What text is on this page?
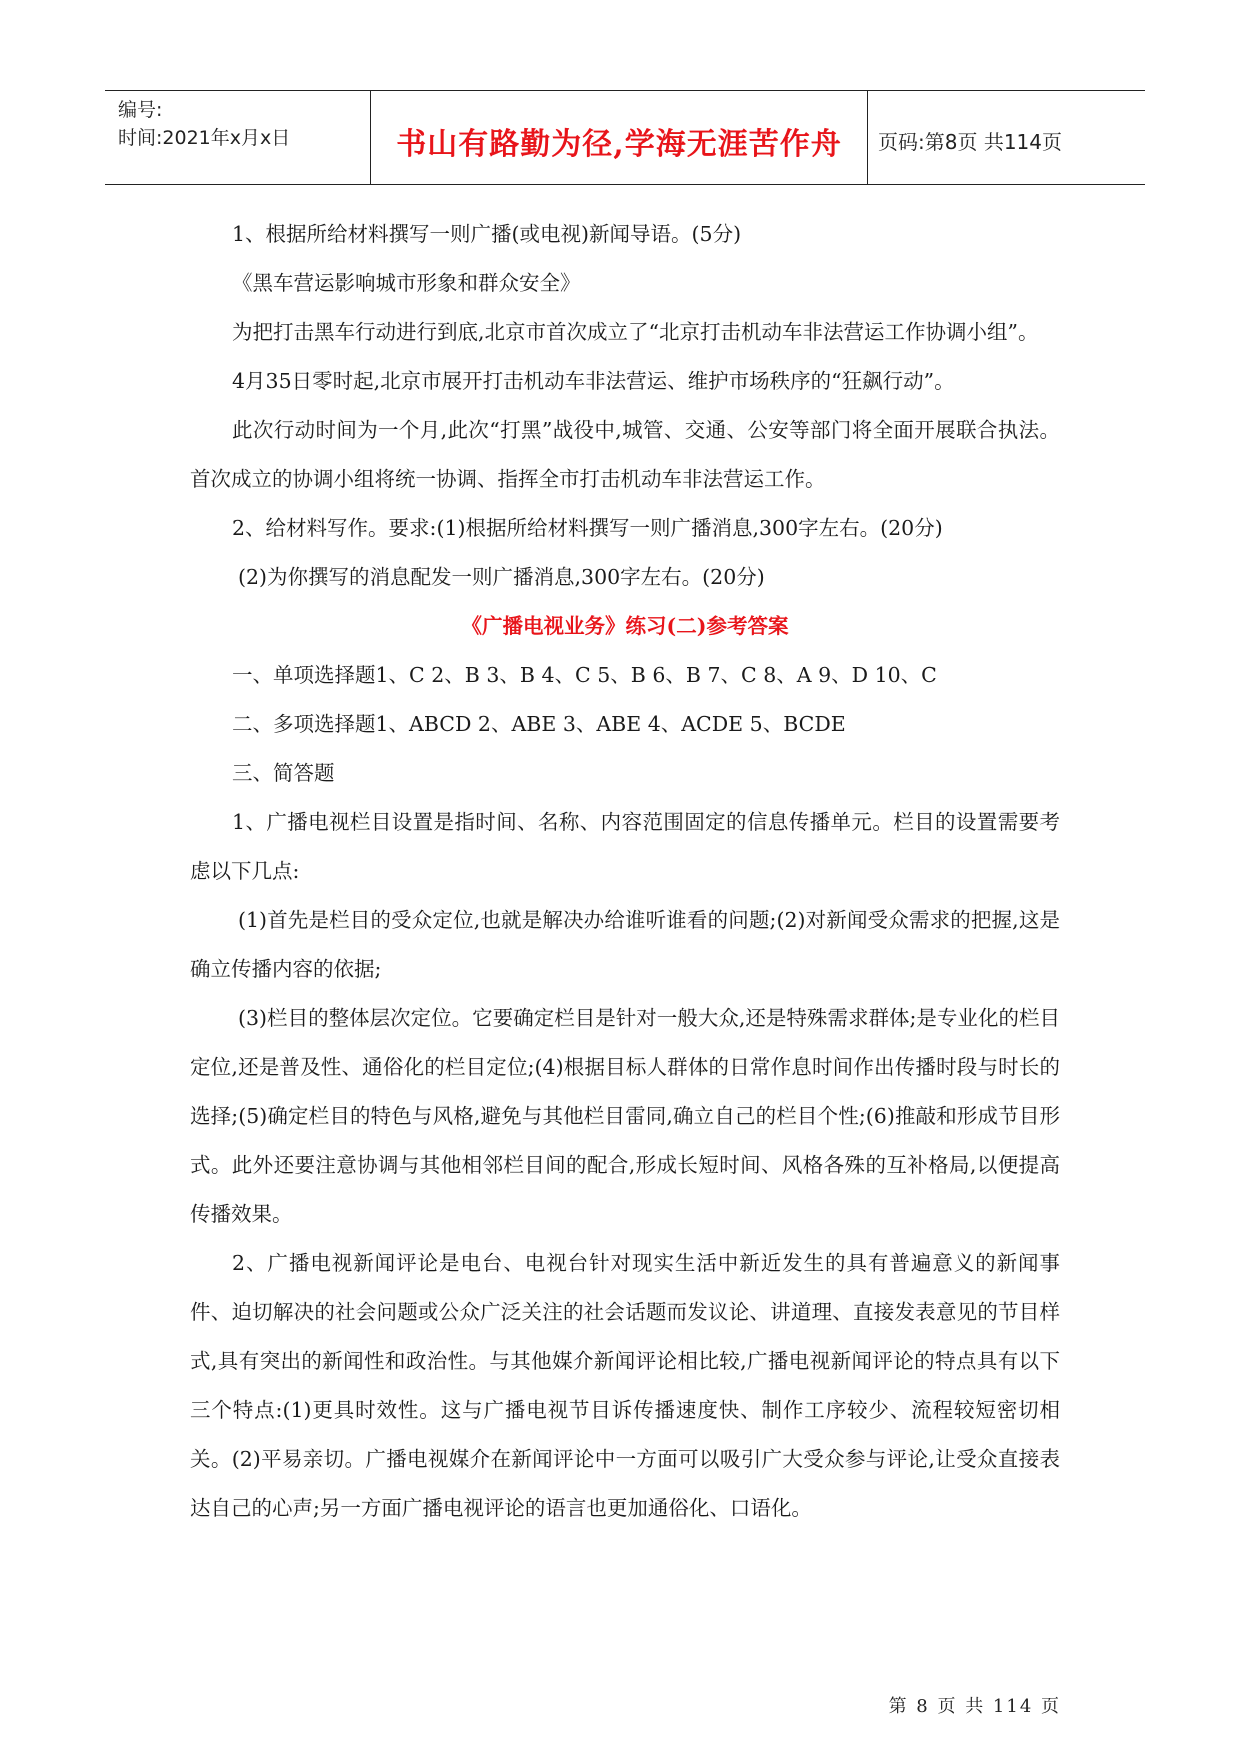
编号:
时间:2021年x月x日	书山有路勤为径,学海无涯苦作舟	页码:第8页 共114页

1、根据所给材料撰写一则广播(或电视)新闻导语。(5分)

《黑车营运影响城市形象和群众安全》

为把打击黑车行动进行到底,北京市首次成立了“北京打击机动车非法营运工作协调小组”。

4月35日零时起,北京市展开打击机动车非法营运、维护市场秩序的“狂飙行动”。

此次行动时间为一个月,此次“打黑”战役中,城管、交通、公安等部门将全面开展联合执法。首次成立的协调小组将统一协调、指挥全市打击机动车非法营运工作。

2、给材料写作。要求:(1)根据所给材料撰写一则广播消息,300字左右。(20分)

(2)为你撰写的消息配发一则广播消息,300字左右。(20分)

《广播电视业务》练习(二)参考答案

一、单项选择题1、C 2、B 3、B 4、C 5、B 6、B 7、C 8、A 9、D 10、C

二、多项选择题1、ABCD 2、ABE 3、ABE 4、ACDE 5、BCDE

三、简答题

1、广播电视栏目设置是指时间、名称、内容范围固定的信息传播单元。栏目的设置需要考虑以下几点:

(1)首先是栏目的受众定位,也就是解决办给谁听谁看的问题;(2)对新闻受众需求的把握,这是确立传播内容的依据;

(3)栏目的整体层次定位。它要确定栏目是针对一般大众,还是特殊需求群体;是专业化的栏目定位,还是普及性、通俗化的栏目定位;(4)根据目标人群体的日常作息时间作出传播时段与时长的选择;(5)确定栏目的特色与风格,避免与其他栏目雷同,确立自己的栏目个性;(6)推敲和形成节目形式。此外还要注意协调与其他相邻栏目间的配合,形成长短时间、风格各殊的互补格局,以便提高传播效果。

2、广播电视新闻评论是电台、电视台针对现实生活中新近发生的具有普遍意义的新闻事件、迫切解决的社会问题或公众广泛关注的社会话题而发议论、讲道理、直接发表意见的节目样式,具有突出的新闻性和政治性。与其他媒介新闻评论相比较,广播电视新闻评论的特点具有以下三个特点:(1)更具时效性。这与广播电视节目诉传播速度快、制作工序较少、流程较短密切相关。(2)平易亲切。广播电视媒介在新闻评论中一方面可以吸引广大受众参与评论,让受众直接表达自己的心声;另一方面广播电视评论的语言也更加通俗化、口语化。

第 8 页 共 114 页
